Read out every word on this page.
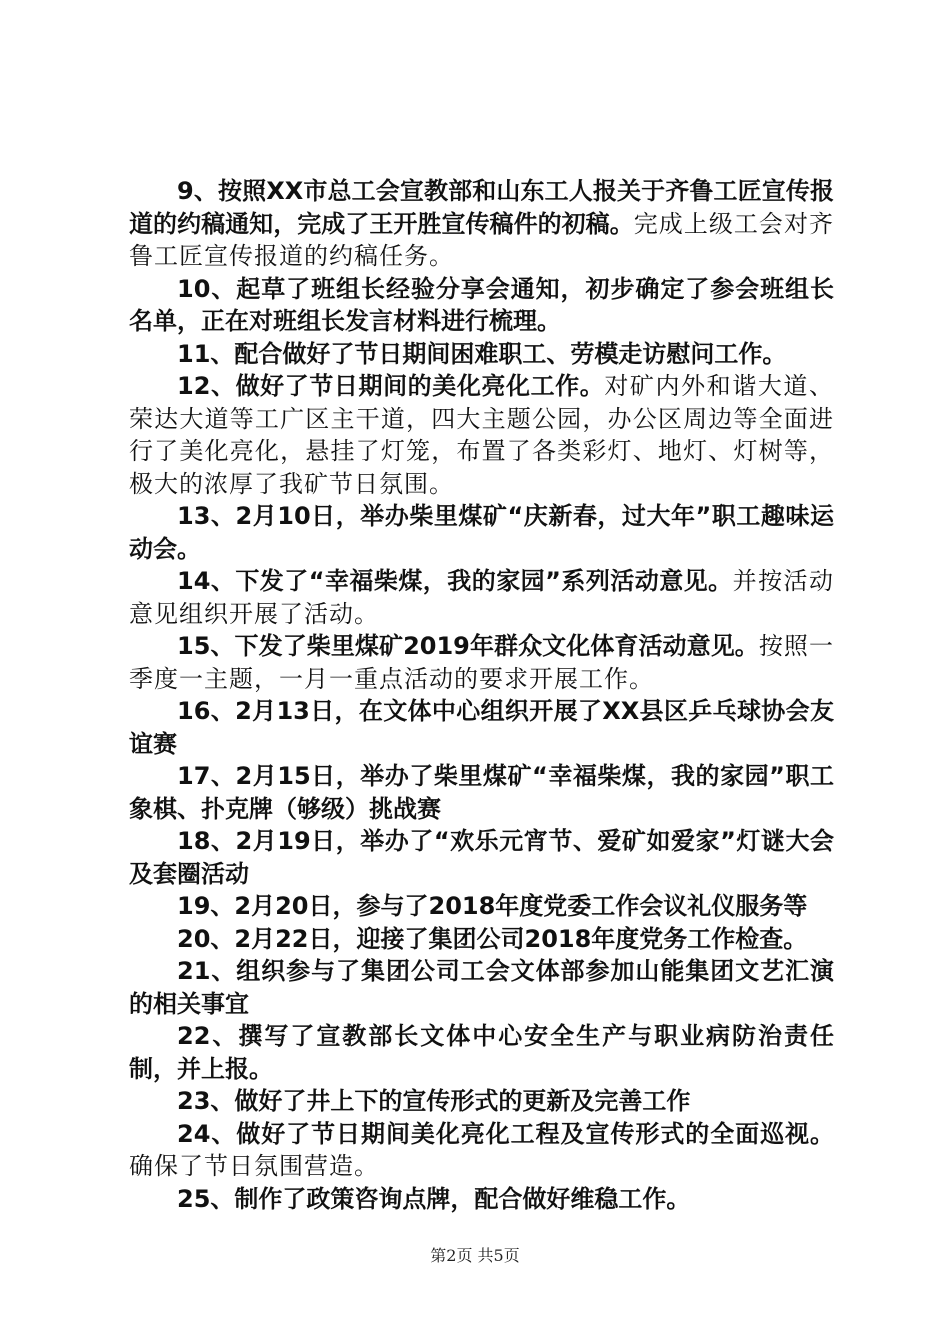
9、按照XX市总工会宣教部和山东工人报关于齐鲁工匠宣传报道的约稿通知，完成了王开胜宣传稿件的初稿。完成上级工会对齐鲁工匠宣传报道的约稿任务。

10、起草了班组长经验分享会通知，初步确定了参会班组长名单，正在对班组长发言材料进行梳理。

11、配合做好了节日期间困难职工、劳模走访慰问工作。

12、做好了节日期间的美化亮化工作。对矿内外和谐大道、荣达大道等工广区主干道，四大主题公园，办公区周边等全面进行了美化亮化，悬挂了灯笼，布置了各类彩灯、地灯、灯树等，极大的浓厚了我矿节日氛围。

13、2月10日，举办柴里煤矿“庆新春，过大年”职工趣味运动会。

14、下发了“幸福柴煤，我的家园”系列活动意见。并按活动意见组织开展了活动。

15、下发了柴里煤矿2019年群众文化体育活动意见。按照一季度一主题，一月一重点活动的要求开展工作。

16、2月13日，在文体中心组织开展了XX县区乒乓球协会友谊赛

17、2月15日，举办了柴里煤矿“幸福柴煤，我的家园”职工象棋、扑克牌（够级）挑战赛

18、2月19日，举办了“欢乐元宵节、爱矿如爱家”灯谜大会及套圈活动

19、2月20日，参与了2018年度党委工作会议礼仪服务等

20、2月22日，迎接了集团公司2018年度党务工作检查。

21、组织参与了集团公司工会文体部参加山能集团文艺汇演的相关事宜

22、撰写了宣教部长文体中心安全生产与职业病防治责任制，并上报。

23、做好了井上下的宣传形式的更新及完善工作

24、做好了节日期间美化亮化工程及宣传形式的全面巡视。确保了节日氛围营造。

25、制作了政策咨询点牌，配合做好维稳工作。

第2页 共5页
